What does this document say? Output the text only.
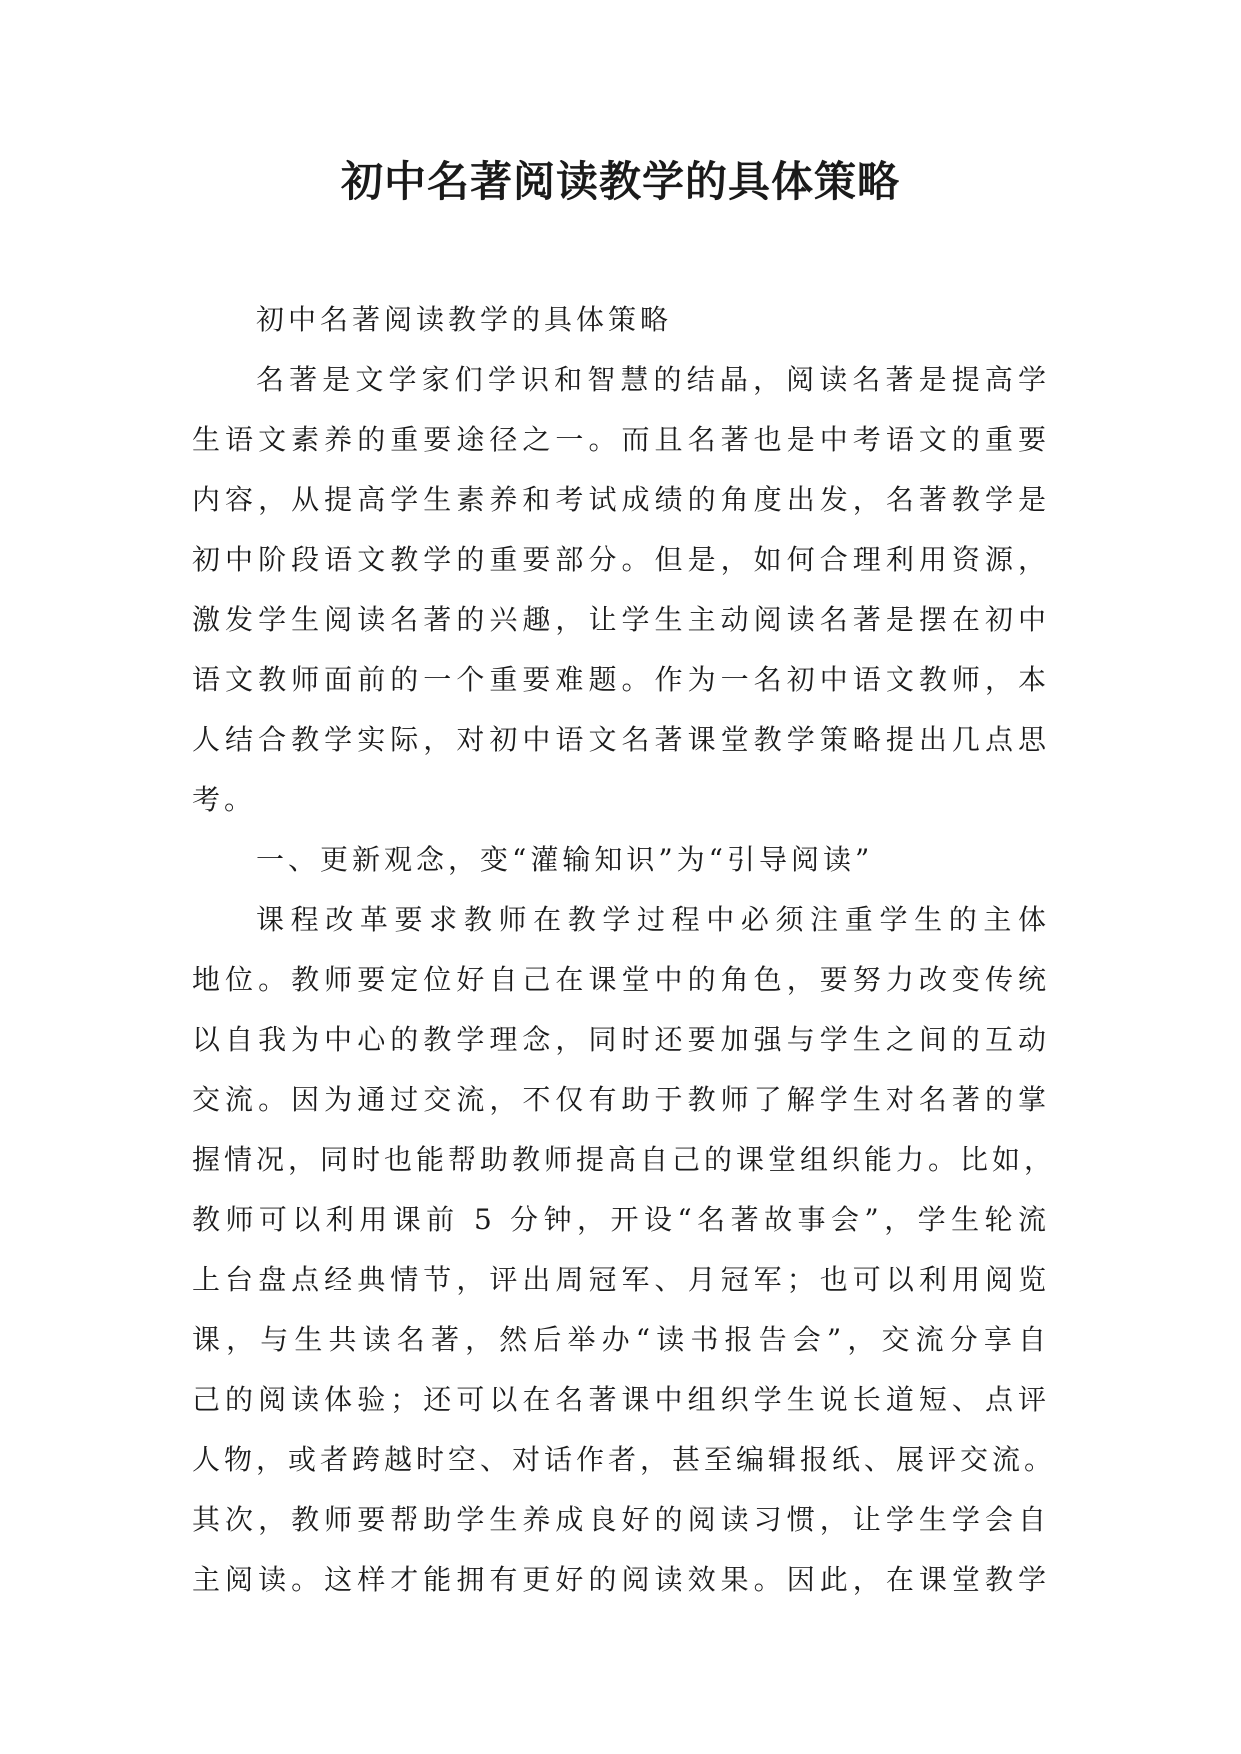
初中名著阅读教学的具体策略
初中名著阅读教学的具体策略
名著是文学家们学识和智慧的结晶，阅读名著是提高学
生语文素养的重要途径之一。而且名著也是中考语文的重要
内容，从提高学生素养和考试成绩的角度出发，名著教学是
初中阶段语文教学的重要部分。但是，如何合理利用资源，
激发学生阅读名著的兴趣，让学生主动阅读名著是摆在初中
语文教师面前的一个重要难题。作为一名初中语文教师，本
人结合教学实际，对初中语文名著课堂教学策略提出几点思
考。
一、更新观念，变“灌输知识”为“引导阅读”
课程改革要求教师在教学过程中必须注重学生的主体
地位。教师要定位好自己在课堂中的角色，要努力改变传统
以自我为中心的教学理念，同时还要加强与学生之间的互动
交流。因为通过交流，不仅有助于教师了解学生对名著的掌
握情况，同时也能帮助教师提高自己的课堂组织能力。比如，
教师可以利用课前 5 分钟，开设“名著故事会”，学生轮流
上台盘点经典情节，评出周冠军、月冠军；也可以利用阅览
课，与生共读名著，然后举办“读书报告会”，交流分享自
己的阅读体验；还可以在名著课中组织学生说长道短、点评
人物，或者跨越时空、对话作者，甚至编辑报纸、展评交流。
其次，教师要帮助学生养成良好的阅读习惯，让学生学会自
主阅读。这样才能拥有更好的阅读效果。因此，在课堂教学
